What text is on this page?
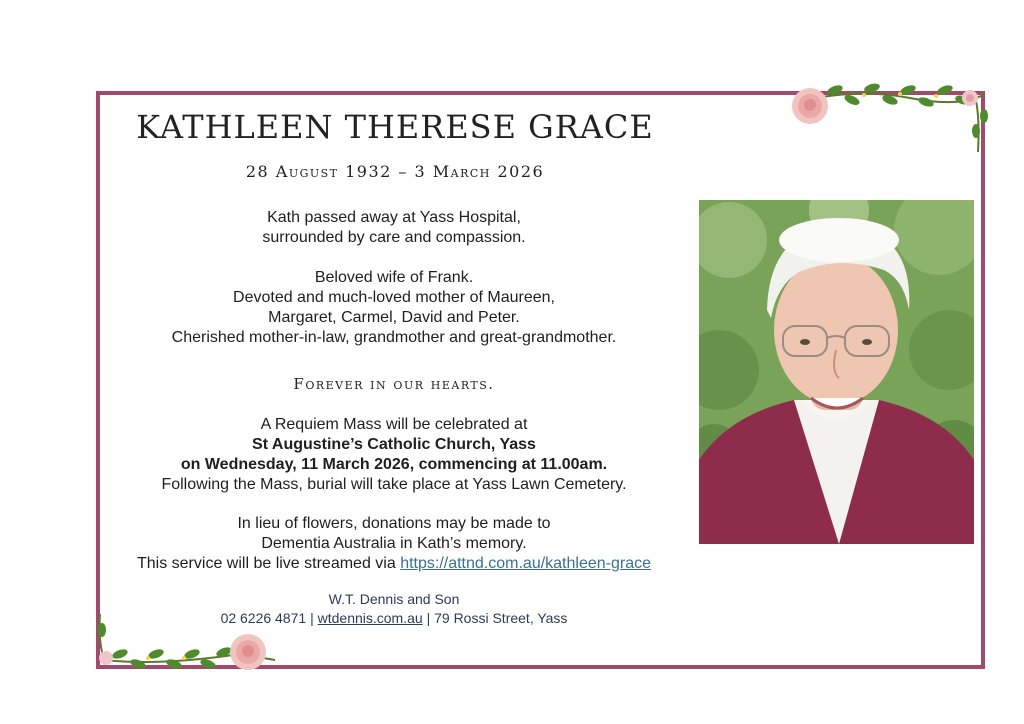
KATHLEEN THERESE GRACE
28 August 1932 – 3 March 2026
Kath passed away at Yass Hospital,
surrounded by care and compassion.
Beloved wife of Frank.
Devoted and much-loved mother of Maureen,
Margaret, Carmel, David and Peter.
Cherished mother-in-law, grandmother and great-grandmother.
Forever in our hearts.
A Requiem Mass will be celebrated at
St Augustine’s Catholic Church, Yass
on Wednesday, 11 March 2026, commencing at 11.00am.
Following the Mass, burial will take place at Yass Lawn Cemetery.
In lieu of flowers, donations may be made to
Dementia Australia in Kath’s memory.
This service will be live streamed via https://attnd.com.au/kathleen-grace
W.T. Dennis and Son
02 6226 4871 | wtdennis.com.au | 79 Rossi Street, Yass
